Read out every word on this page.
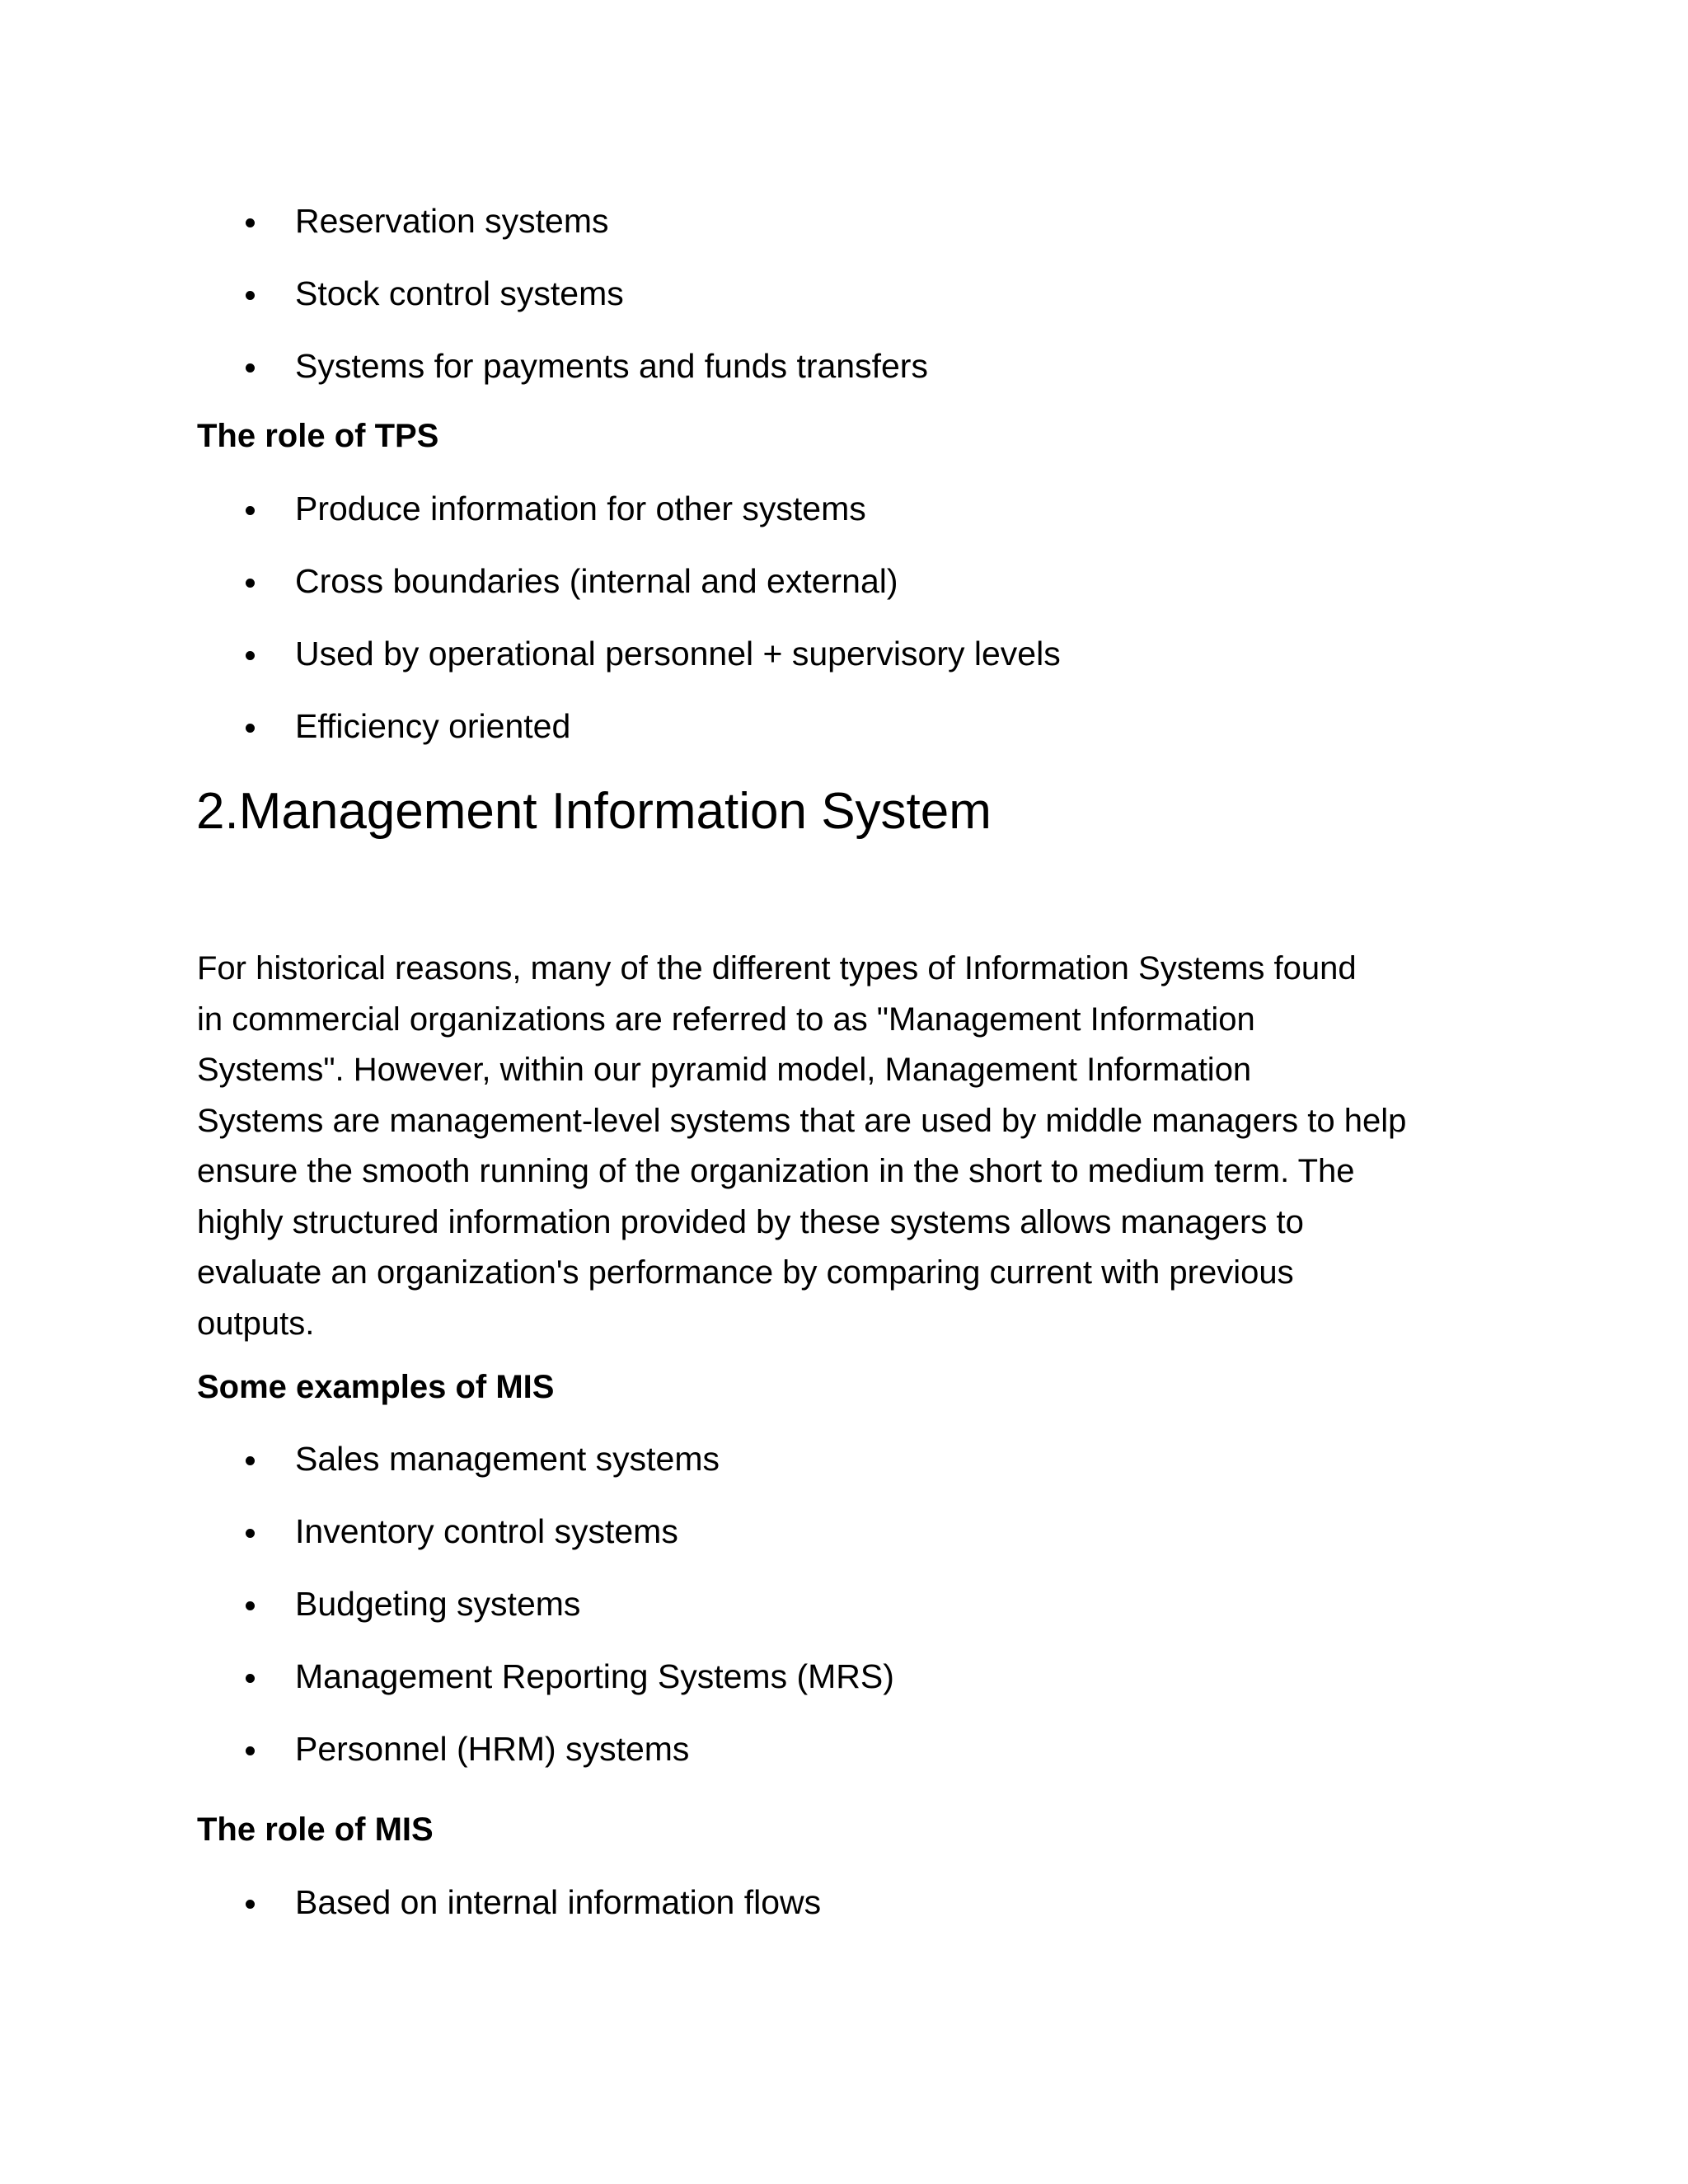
Reservation systems
Stock control systems
Systems for payments and funds transfers
The role of TPS
Produce information for other systems
Cross boundaries (internal and external)
Used by operational personnel + supervisory levels
Efficiency oriented
2.Management Information System

For historical reasons, many of the different types of Information Systems found
in commercial organizations are referred to as "Management Information
Systems". However, within our pyramid model, Management Information
Systems are management-level systems that are used by middle managers to help
ensure the smooth running of the organization in the short to medium term. The
highly structured information provided by these systems allows managers to
evaluate an organization's performance by comparing current with previous
outputs.

Some examples of MIS
Sales management systems
Inventory control systems
Budgeting systems
Management Reporting Systems (MRS)
Personnel (HRM) systems
The role of MIS
Based on internal information flows
